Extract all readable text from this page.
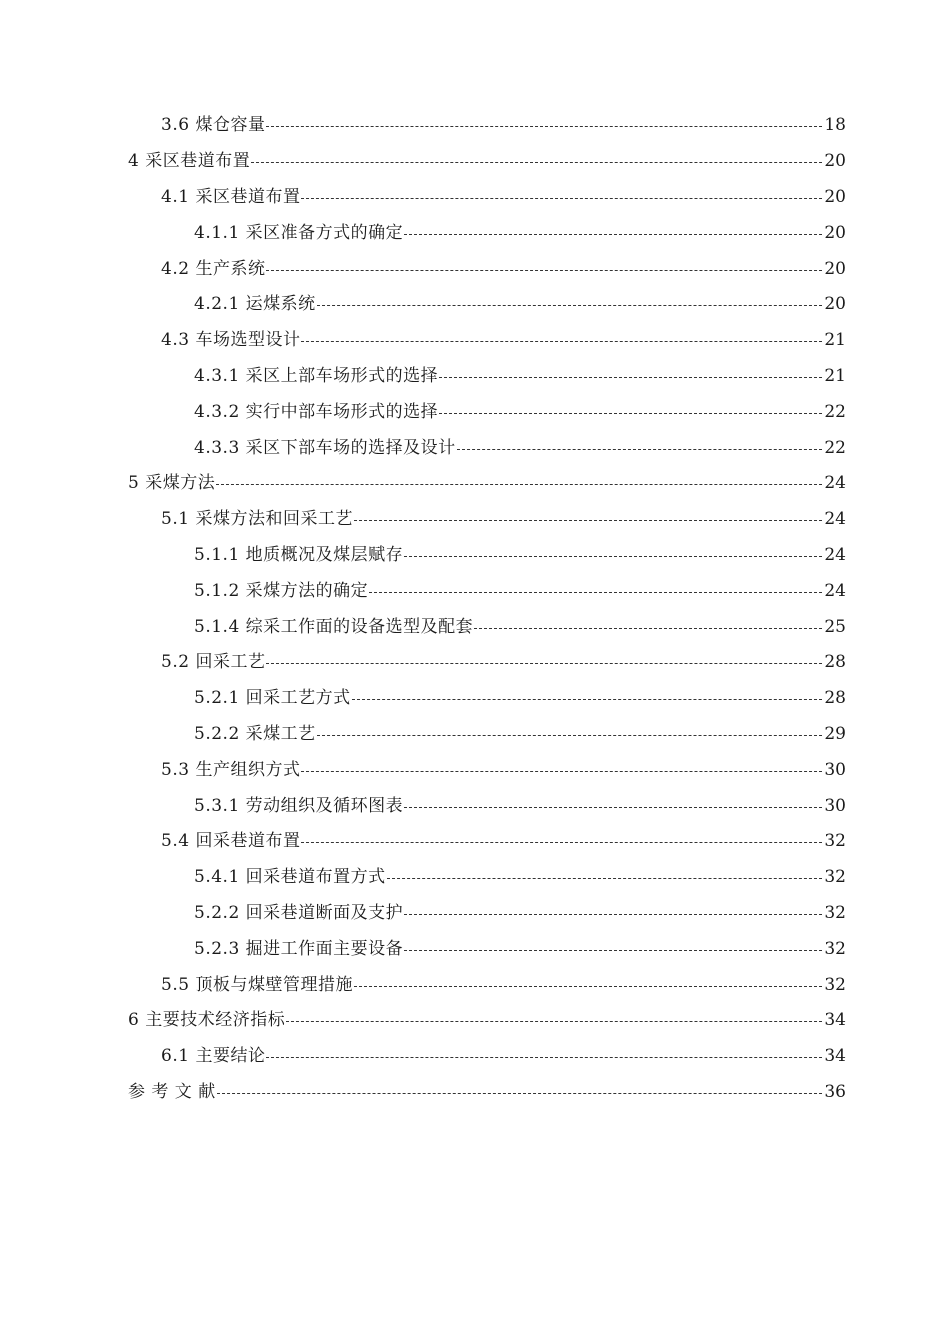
3.6 煤仓容量	18
4 采区巷道布置	20
4.1 采区巷道布置	20
4.1.1 采区准备方式的确定	20
4.2 生产系统	20
4.2.1 运煤系统	20
4.3 车场选型设计	21
4.3.1 采区上部车场形式的选择	21
4.3.2 实行中部车场形式的选择	22
4.3.3 采区下部车场的选择及设计	22
5 采煤方法	24
5.1 采煤方法和回采工艺	24
5.1.1 地质概况及煤层赋存	24
5.1.2 采煤方法的确定	24
5.1.4 综采工作面的设备选型及配套	25
5.2 回采工艺	28
5.2.1 回采工艺方式	28
5.2.2 采煤工艺	29
5.3 生产组织方式	30
5.3.1 劳动组织及循环图表	30
5.4 回采巷道布置	32
5.4.1 回采巷道布置方式	32
5.2.2 回采巷道断面及支护	32
5.2.3 掘进工作面主要设备	32
5.5 顶板与煤壁管理措施	32
6 主要技术经济指标	34
6.1 主要结论	34
参 考 文 献	36
